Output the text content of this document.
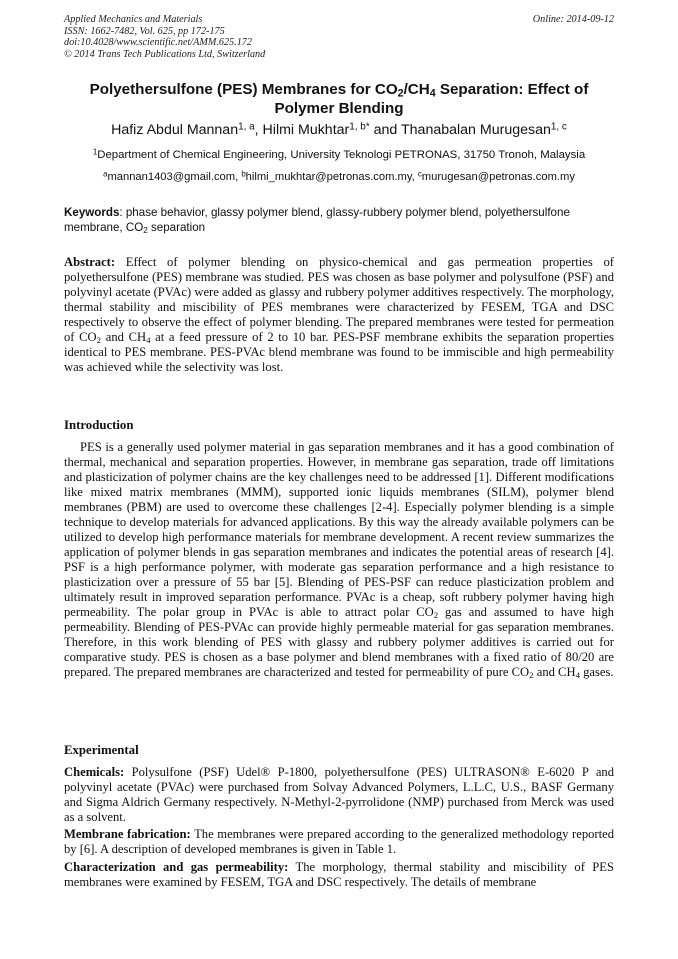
Applied Mechanics and Materials
ISSN: 1662-7482, Vol. 625, pp 172-175
doi:10.4028/www.scientific.net/AMM.625.172
© 2014 Trans Tech Publications Ltd, Switzerland
Online: 2014-09-12
Polyethersulfone (PES) Membranes for $CO_2/CH_4$ Separation: Effect of Polymer Blending
Hafiz Abdul Mannan$^{1, a}$, Hilmi Mukhtar$^{1, b*}$ and Thanabalan Murugesan$^{1, c}$
$^1$Department of Chemical Engineering, University Teknologi PETRONAS, 31750 Tronoh, Malaysia
$^a$mannan1403@gmail.com, $^b$hilmi_mukhtar@petronas.com.my, $^c$murugesan@petronas.com.my
Keywords: phase behavior, glassy polymer blend, glassy-rubbery polymer blend, polyethersulfone membrane, $CO_2$ separation
Abstract: Effect of polymer blending on physico-chemical and gas permeation properties of polyethersulfone (PES) membrane was studied. PES was chosen as base polymer and polysulfone (PSF) and polyvinyl acetate (PVAc) were added as glassy and rubbery polymer additives respectively. The morphology, thermal stability and miscibility of PES membranes were characterized by FESEM, TGA and DSC respectively to observe the effect of polymer blending. The prepared membranes were tested for permeation of $CO_2$ and $CH_4$ at a feed pressure of 2 to 10 bar. PES-PSF membrane exhibits the separation properties identical to PES membrane. PES-PVAc blend membrane was found to be immiscible and high permeability was achieved while the selectivity was lost.
Introduction
PES is a generally used polymer material in gas separation membranes and it has a good combination of thermal, mechanical and separation properties. However, in membrane gas separation, trade off limitations and plasticization of polymer chains are the key challenges need to be addressed [1]. Different modifications like mixed matrix membranes (MMM), supported ionic liquids membranes (SILM), polymer blend membranes (PBM) are used to overcome these challenges [2-4]. Especially polymer blending is a simple technique to develop materials for advanced applications. By this way the already available polymers can be utilized to develop high performance materials for membrane development. A recent review summarizes the application of polymer blends in gas separation membranes and indicates the potential areas of research [4]. PSF is a high performance polymer, with moderate gas separation performance and a high resistance to plasticization over a pressure of 55 bar [5]. Blending of PES-PSF can reduce plasticization problem and ultimately result in improved separation performance. PVAc is a cheap, soft rubbery polymer having high permeability. The polar group in PVAc is able to attract polar $CO_2$ gas and assumed to have high permeability. Blending of PES-PVAc can provide highly permeable material for gas separation membranes. Therefore, in this work blending of PES with glassy and rubbery polymer additives is carried out for comparative study. PES is chosen as a base polymer and blend membranes with a fixed ratio of 80/20 are prepared. The prepared membranes are characterized and tested for permeability of pure $CO_2$ and $CH_4$ gases.
Experimental
Chemicals: Polysulfone (PSF) Udel® P-1800, polyethersulfone (PES) ULTRASON® E-6020 P and polyvinyl acetate (PVAc) were purchased from Solvay Advanced Polymers, L.L.C, U.S., BASF Germany and Sigma Aldrich Germany respectively. N-Methyl-2-pyrrolidone (NMP) purchased from Merck was used as a solvent.
Membrane fabrication: The membranes were prepared according to the generalized methodology reported by [6]. A description of developed membranes is given in Table 1.
Characterization and gas permeability: The morphology, thermal stability and miscibility of PES membranes were examined by FESEM, TGA and DSC respectively. The details of membrane
